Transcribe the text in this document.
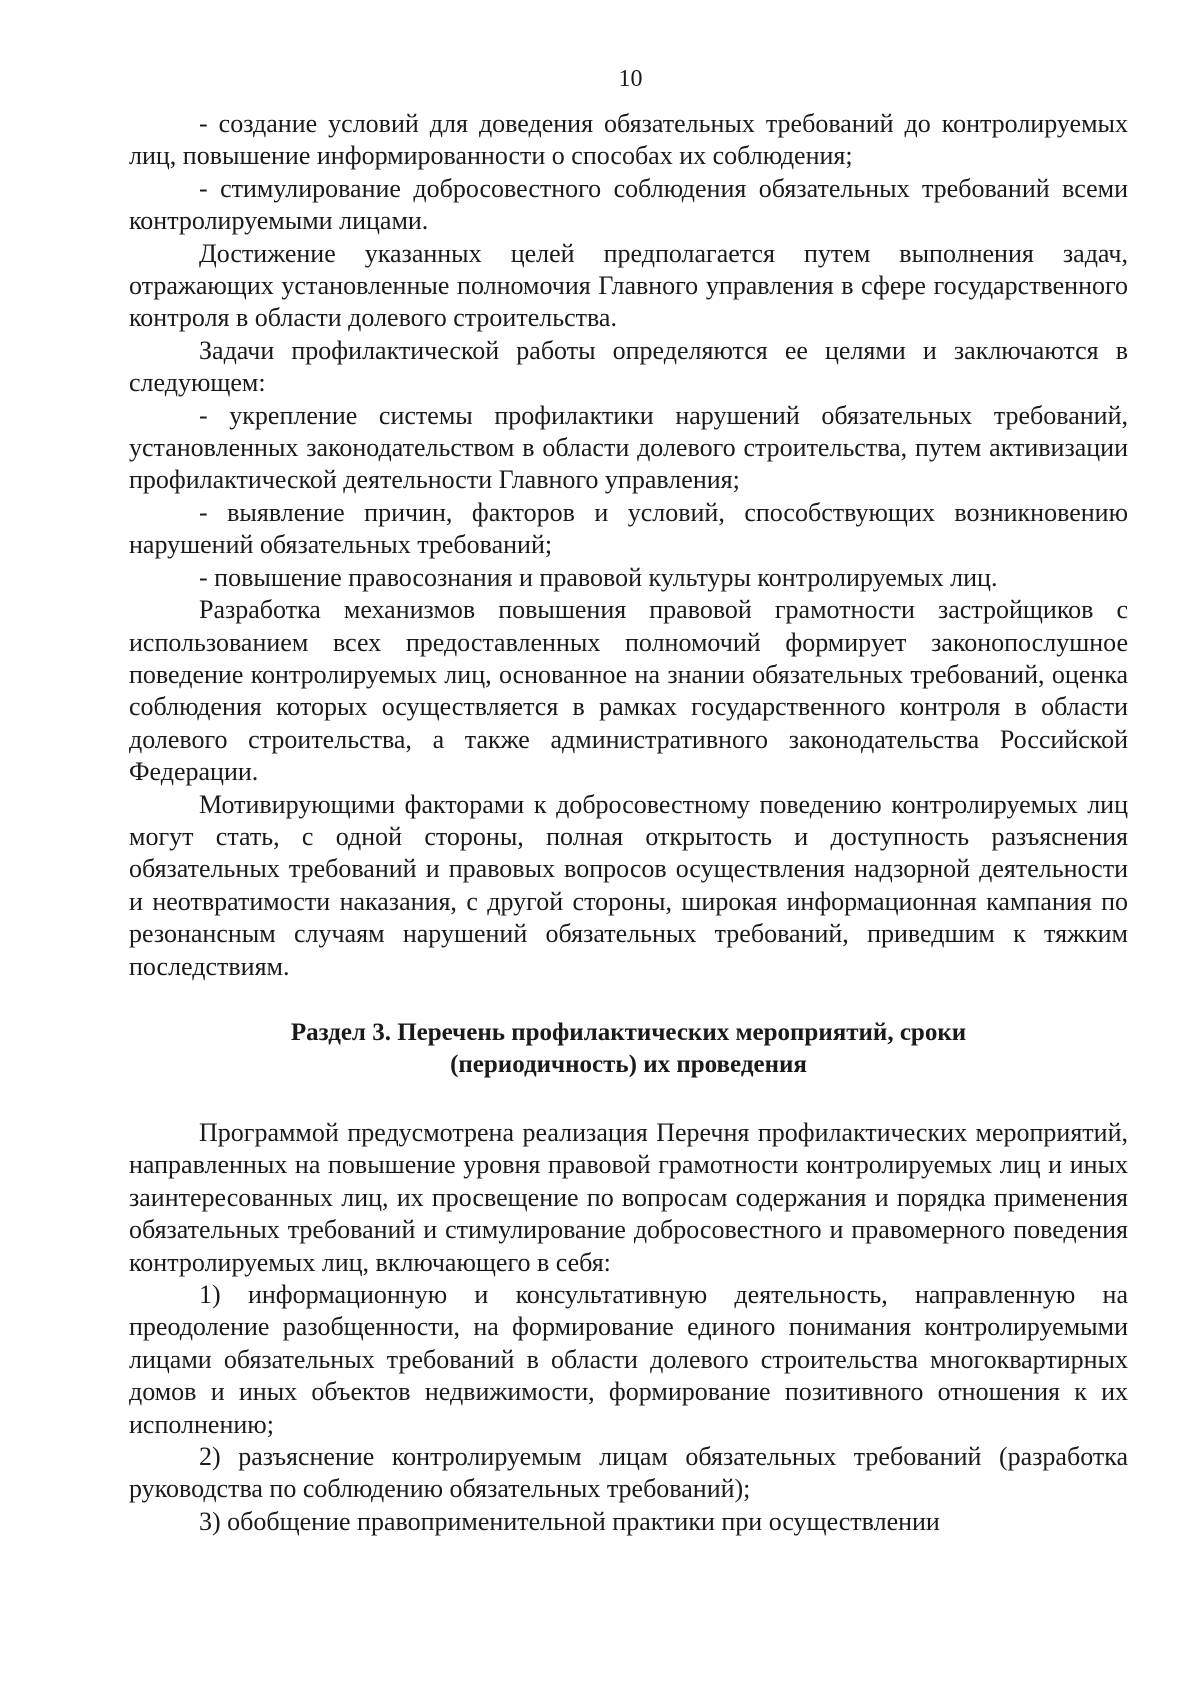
10

- создание условий для доведения обязательных требований до контролируемых лиц, повышение информированности о способах их соблюдения;

- стимулирование добросовестного соблюдения обязательных требований всеми контролируемыми лицами.

Достижение указанных целей предполагается путем выполнения задач, отражающих установленные полномочия Главного управления в сфере государственного контроля в области долевого строительства.

Задачи профилактической работы определяются ее целями и заключаются в следующем:

- укрепление системы профилактики нарушений обязательных требований, установленных законодательством в области долевого строительства, путем активизации профилактической деятельности Главного управления;

- выявление причин, факторов и условий, способствующих возникновению нарушений обязательных требований;

- повышение правосознания и правовой культуры контролируемых лиц.

Разработка механизмов повышения правовой грамотности застройщиков с использованием всех предоставленных полномочий формирует законопослушное поведение контролируемых лиц, основанное на знании обязательных требований, оценка соблюдения которых осуществляется в рамках государственного контроля в области долевого строительства, а также административного законодательства Российской Федерации.

Мотивирующими факторами к добросовестному поведению контролируемых лиц могут стать, с одной стороны, полная открытость и доступность разъяснения обязательных требований и правовых вопросов осуществления надзорной деятельности и неотвратимости наказания, с другой стороны, широкая информационная кампания по резонансным случаям нарушений обязательных требований, приведшим к тяжким последствиям.

Раздел 3. Перечень профилактических мероприятий, сроки
(периодичность) их проведения

Программой предусмотрена реализация Перечня профилактических мероприятий, направленных на повышение уровня правовой грамотности контролируемых лиц и иных заинтересованных лиц, их просвещение по вопросам содержания и порядка применения обязательных требований и стимулирование добросовестного и правомерного поведения контролируемых лиц, включающего в себя:

1) информационную и консультативную деятельность, направленную на преодоление разобщенности, на формирование единого понимания контролируемыми лицами обязательных требований в области долевого строительства многоквартирных домов и иных объектов недвижимости, формирование позитивного отношения к их исполнению;

2) разъяснение контролируемым лицам обязательных требований (разработка руководства по соблюдению обязательных требований);

3) обобщение правоприменительной практики при осуществлении
